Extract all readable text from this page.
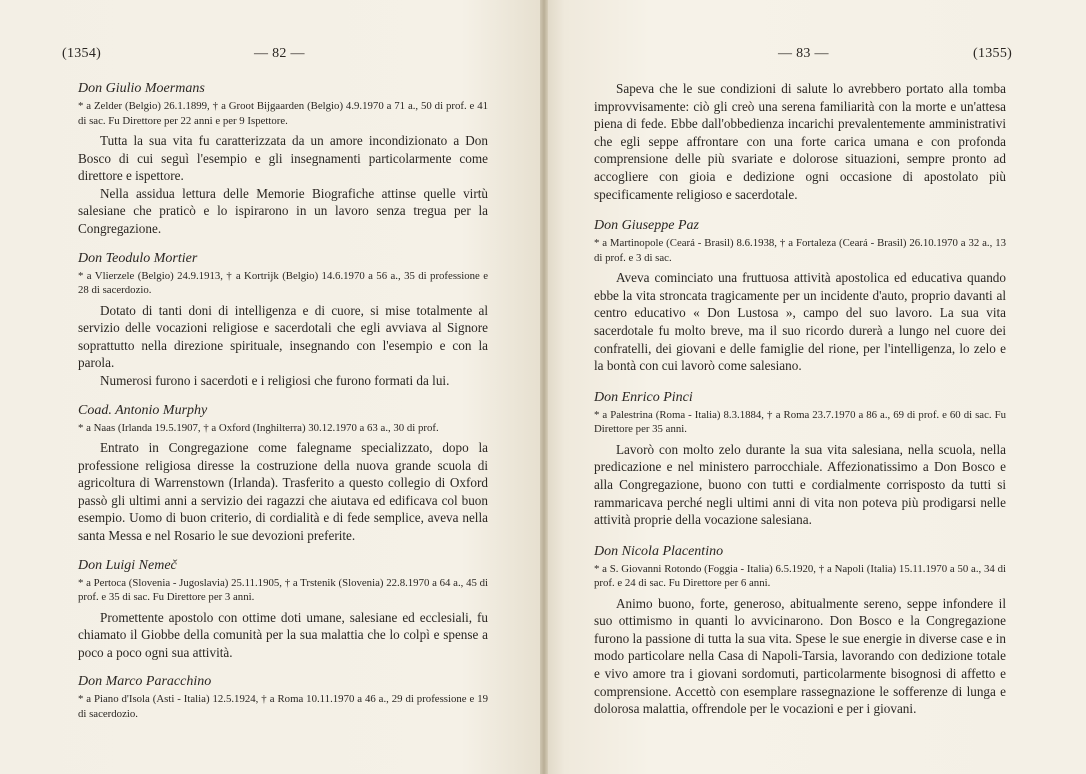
(1354)	— 82 —

Don Giulio Moermans

* a Zelder (Belgio) 26.1.1899, † a Groot Bijgaarden (Belgio) 4.9.1970 a 71 a., 50 di prof. e 41 di sac. Fu Direttore per 22 anni e per 9 Ispettore.

Tutta la sua vita fu caratterizzata da un amore incondizionato a Don Bosco di cui seguì l'esempio e gli insegnamenti particolarmente come direttore e ispettore.

Nella assidua lettura delle Memorie Biografiche attinse quelle virtù salesiane che praticò e lo ispirarono in un lavoro senza tregua per la Congregazione.

Don Teodulo Mortier

* a Vlierzele (Belgio) 24.9.1913, † a Kortrijk (Belgio) 14.6.1970 a 56 a., 35 di professione e 28 di sacerdozio.

Dotato di tanti doni di intelligenza e di cuore, si mise totalmente al servizio delle vocazioni religiose e sacerdotali che egli avviava al Signore soprattutto nella direzione spirituale, insegnando con l'esempio e con la parola.

Numerosi furono i sacerdoti e i religiosi che furono formati da lui.

Coad. Antonio Murphy

* a Naas (Irlanda 19.5.1907, † a Oxford (Inghilterra) 30.12.1970 a 63 a., 30 di prof.

Entrato in Congregazione come falegname specializzato, dopo la professione religiosa diresse la costruzione della nuova grande scuola di agricoltura di Warrenstown (Irlanda). Trasferito a questo collegio di Oxford passò gli ultimi anni a servizio dei ragazzi che aiutava ed edificava col buon esempio. Uomo di buon criterio, di cordialità e di fede semplice, aveva nella santa Messa e nel Rosario le sue devozioni preferite.

Don Luigi Nemeč

* a Pertoca (Slovenia - Jugoslavia) 25.11.1905, † a Trstenik (Slovenia) 22.8.1970 a 64 a., 45 di prof. e 35 di sac. Fu Direttore per 3 anni.

Promettente apostolo con ottime doti umane, salesiane ed ecclesiali, fu chiamato il Giobbe della comunità per la sua malattia che lo colpì e spense a poco a poco ogni sua attività.

Don Marco Paracchino

* a Piano d'Isola (Asti - Italia) 12.5.1924, † a Roma 10.11.1970 a 46 a., 29 di professione e 19 di sacerdozio.

— 83 —	(1355)

Sapeva che le sue condizioni di salute lo avrebbero portato alla tomba improvvisamente: ciò gli creò una serena familiarità con la morte e un'attesa piena di fede. Ebbe dall'obbedienza incarichi prevalentemente amministrativi che egli seppe affrontare con una forte carica umana e con profonda comprensione delle più svariate e dolorose situazioni, sempre pronto ad accogliere con gioia e dedizione ogni occasione di apostolato più specificamente religioso e sacerdotale.

Don Giuseppe Paz

* a Martinopole (Ceará - Brasil) 8.6.1938, † a Fortaleza (Ceará - Brasil) 26.10.1970 a 32 a., 13 di prof. e 3 di sac.

Aveva cominciato una fruttuosa attività apostolica ed educativa quando ebbe la vita stroncata tragicamente per un incidente d'auto, proprio davanti al centro educativo « Don Lustosa », campo del suo lavoro. La sua vita sacerdotale fu molto breve, ma il suo ricordo durerà a lungo nel cuore dei confratelli, dei giovani e delle famiglie del rione, per l'intelligenza, lo zelo e la bontà con cui lavorò come salesiano.

Don Enrico Pinci

* a Palestrina (Roma - Italia) 8.3.1884, † a Roma 23.7.1970 a 86 a., 69 di prof. e 60 di sac. Fu Direttore per 35 anni.

Lavorò con molto zelo durante la sua vita salesiana, nella scuola, nella predicazione e nel ministero parrocchiale. Affezionatissimo a Don Bosco e alla Congregazione, buono con tutti e cordialmente corrisposto da tutti si rammaricava perché negli ultimi anni di vita non poteva più prodigarsi nelle attività proprie della vocazione salesiana.

Don Nicola Placentino

* a S. Giovanni Rotondo (Foggia - Italia) 6.5.1920, † a Napoli (Italia) 15.11.1970 a 50 a., 34 di prof. e 24 di sac. Fu Direttore per 6 anni.

Animo buono, forte, generoso, abitualmente sereno, seppe infondere il suo ottimismo in quanti lo avvicinarono. Don Bosco e la Congregazione furono la passione di tutta la sua vita. Spese le sue energie in diverse case e in modo particolare nella Casa di Napoli-Tarsia, lavorando con dedizione totale e vivo amore tra i giovani sordomuti, particolarmente bisognosi di affetto e comprensione. Accettò con esemplare rassegnazione le sofferenze di lunga e dolorosa malattia, offrendole per le vocazioni e per i giovani.
